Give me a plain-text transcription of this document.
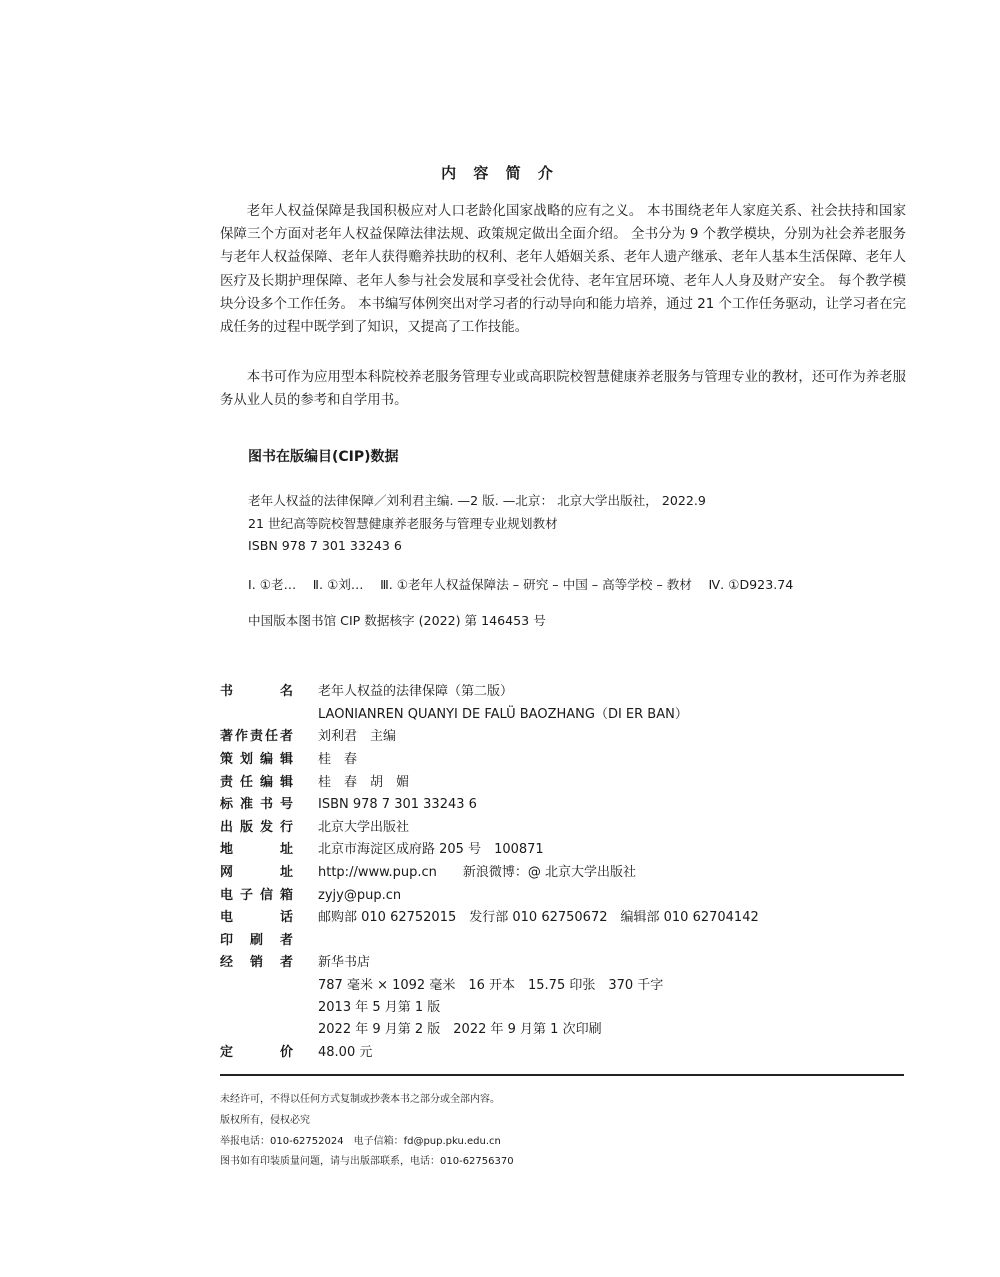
内 容 简 介

老年人权益保障是我国积极应对人口老龄化国家战略的应有之义。 本书围绕老年人家庭关系、社会扶持和国家保障三个方面对老年人权益保障法律法规、政策规定做出全面介绍。 全书分为 9 个教学模块，分别为社会养老服务与老年人权益保障、老年人获得赡养扶助的权利、老年人婚姻关系、老年人遗产继承、老年人基本生活保障、老年人医疗及长期护理保障、老年人参与社会发展和享受社会优待、老年宜居环境、老年人人身及财产安全。 每个教学模块分设多个工作任务。 本书编写体例突出对学习者的行动导向和能力培养，通过 21 个工作任务驱动，让学习者在完成任务的过程中既学到了知识，又提高了工作技能。

本书可作为应用型本科院校养老服务管理专业或高职院校智慧健康养老服务与管理专业的教材，还可作为养老服务从业人员的参考和自学用书。

图书在版编目(CIP)数据
老年人权益的法律保障／刘利君主编. —2 版. —北京： 北京大学出版社， 2022.9
21 世纪高等院校智慧健康养老服务与管理专业规划教材
ISBN 978 7 301 33243 6
Ⅰ. ①老…　 Ⅱ. ①刘…　 Ⅲ. ①老年人权益保障法 – 研究 – 中国 – 高等学校 – 教材　 Ⅳ. ①D923.74
中国版本图书馆 CIP 数据核字 (2022) 第 146453 号
书名 老年人权益的法律保障（第二版）
LAONIANREN QUANYI DE FALÜ BAOZHANG（DI ER BAN）
著作责任者 刘利君　主编
策划编辑 桂　春
责任编辑 桂　春　胡　媚
标准书号 ISBN 978 7 301 33243 6
出版发行 北京大学出版社
地址 北京市海淀区成府路 205 号　100871
网址 http://www.pup.cn　　新浪微博：@ 北京大学出版社
电子信箱 zyjy@pup.cn
电话 邮购部 010 62752015　发行部 010 62750672　编辑部 010 62704142
印刷者
经销者 新华书店
787 毫米 × 1092 毫米　16 开本　15.75 印张　370 千字
2013 年 5 月第 1 版
2022 年 9 月第 2 版　2022 年 9 月第 1 次印刷
定价 48.00 元
未经许可，不得以任何方式复制或抄袭本书之部分或全部内容。
版权所有，侵权必究
举报电话：010-62752024　电子信箱：fd@pup.pku.edu.cn
图书如有印装质量问题，请与出版部联系，电话：010-62756370
